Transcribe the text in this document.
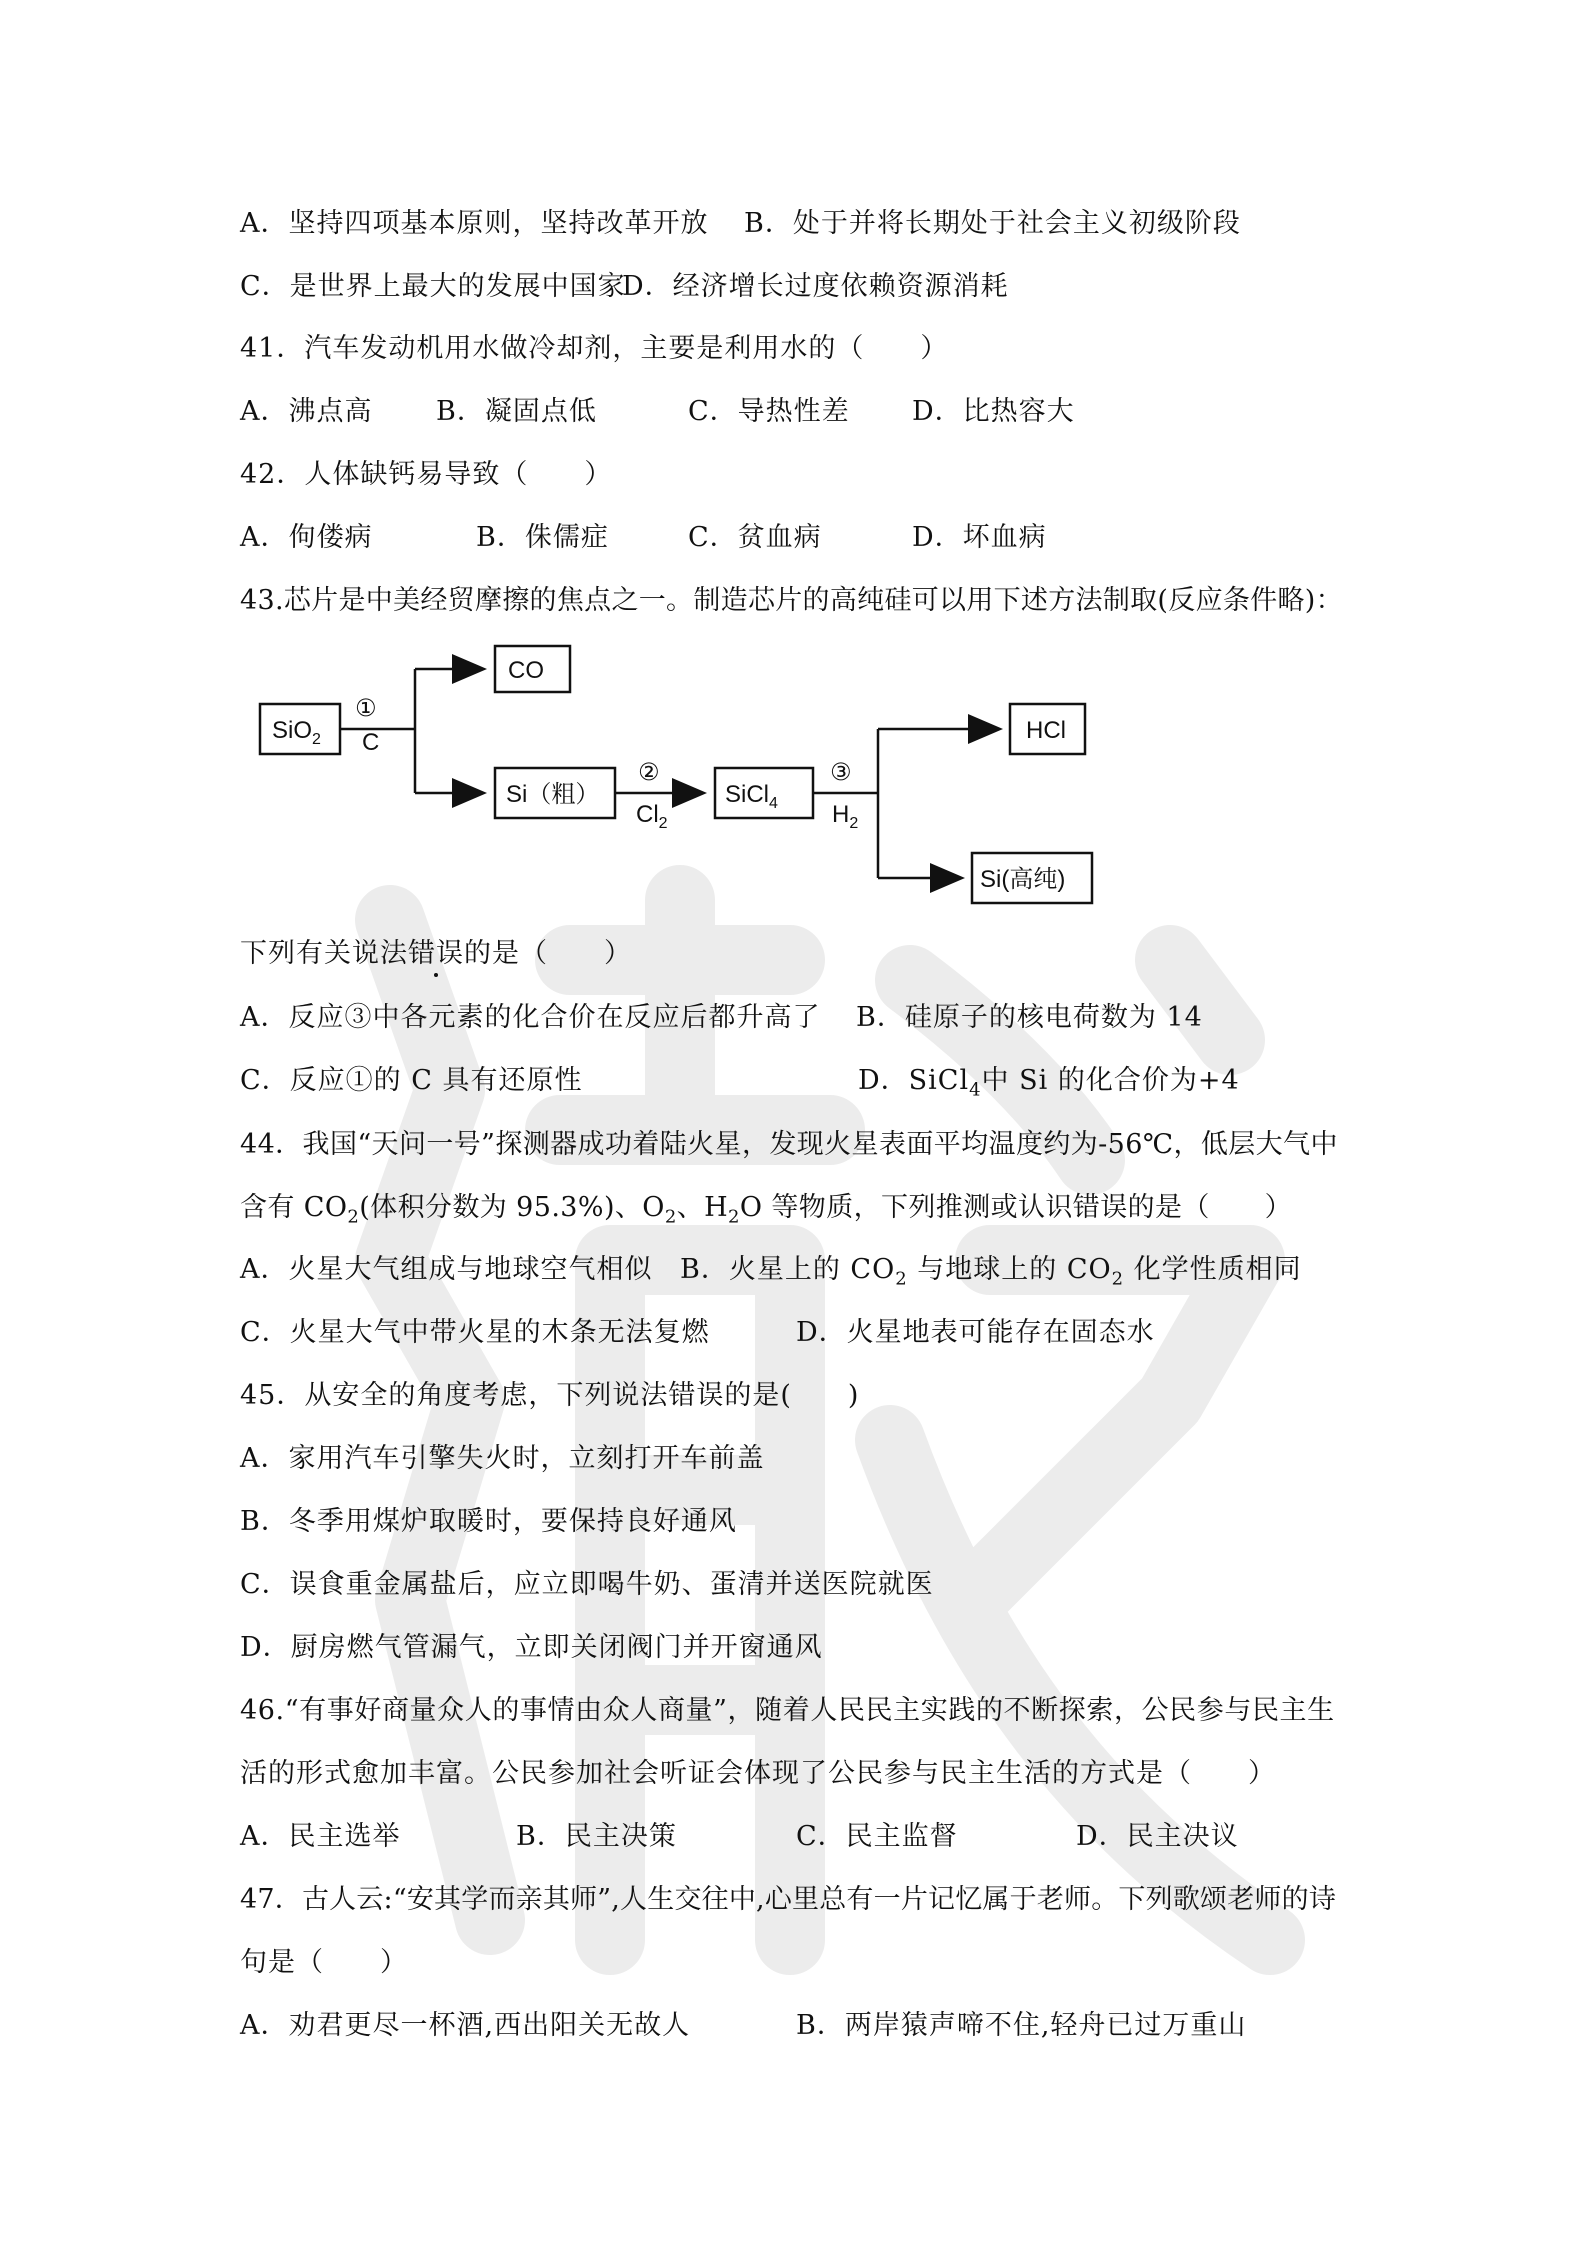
A．坚持四项基本原则，坚持改革开放 B．处于并将长期处于社会主义初级阶段
C．是世界上最大的发展中国家
D．经济增长过度依赖资源消耗
41．汽车发动机用水做冷却剂，主要是利用水的（　　）
A．沸点高 B．凝固点低	C．导热性差 D．比热容大
42．人体缺钙易导致（　　）
A．佝偻病	B．侏儒症	C．贫血病	D．坏血病
43.芯片是中美经贸摩擦的焦点之一。制造芯片的高纯硅可以用下述方法制取(反应条件略)：
SiO$_2$
①
C
CO
Si（粗）
②
$Cl_2$
SiCl$_4$
③
$H_2$
HCl
Si(高纯)
下列有关说法错误的是（　　）
A．反应③中各元素的化合价在反应后都升高了 B．硅原子的核电荷数为 14
C．反应①的 C 具有还原性	D．SiCl$_4$中 Si 的化合价为+4
44．我国“天问一号”探测器成功着陆火星，发现火星表面平均温度约为-56℃，低层大气中
含有 $CO_2$(体积分数为 95.3%)、$O_2$、$H_2O$ 等物质，下列推测或认识错误的是（　　）
A．火星大气组成与地球空气相似 B．火星上的 $CO_2$ 与地球上的 $CO_2$ 化学性质相同
C．火星大气中带火星的木条无法复燃	D．火星地表可能存在固态水
45．从安全的角度考虑，下列说法错误的是(　　)
A．家用汽车引擎失火时，立刻打开车前盖
B．冬季用煤炉取暖时，要保持良好通风
C．误食重金属盐后，应立即喝牛奶、蛋清并送医院就医
D．厨房燃气管漏气，立即关闭阀门并开窗通风
46.“有事好商量众人的事情由众人商量”，随着人民民主实践的不断探索，公民参与民主生
活的形式愈加丰富。公民参加社会听证会体现了公民参与民主生活的方式是（　　）
A．民主选举	B．民主决策	C．民主监督	D．民主决议
47．古人云:“安其学而亲其师”,人生交往中,心里总有一片记忆属于老师。下列歌颂老师的诗
句是（　　）
A．劝君更尽一杯酒,西出阳关无故人	B．两岸猿声啼不住,轻舟已过万重山
